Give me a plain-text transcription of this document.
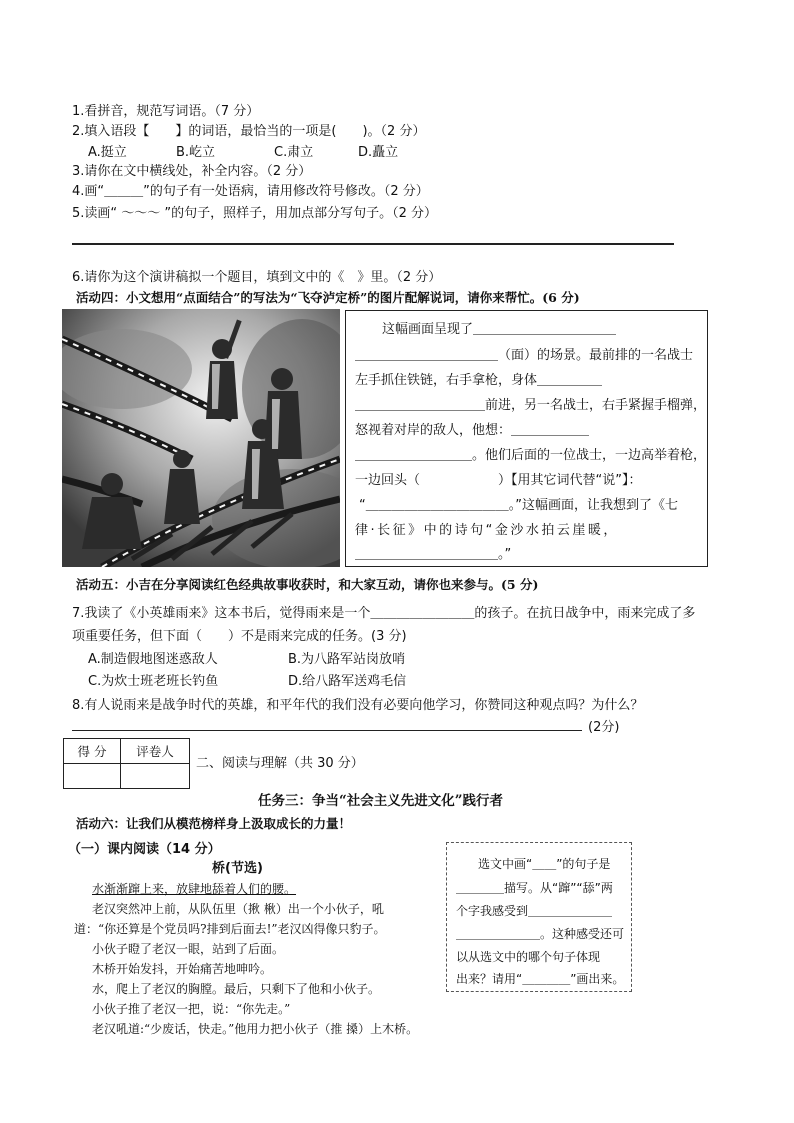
1.看拼音，规范写词语。（7 分）
2.填入语段【　　】的词语，最恰当的一项是(　　)。（2 分）
A.挺立	B.屹立	C.肃立	D.矗立
3.请你在文中横线处，补全内容。（2 分）
4.画“＿＿＿”的句子有一处语病，请用修改符号修改。（2 分）
5.读画“ ～～～ ”的句子，照样子，用加点部分写句子。（2 分）
6.请你为这个演讲稿拟一个题目，填到文中的《　》里。（2 分）
活动四：小文想用“点面结合”的写法为“飞夺泸定桥”的图片配解说词，请你来帮忙。(6 分)
这幅画面呈现了＿＿＿＿＿＿＿＿＿＿＿
＿＿＿＿＿＿＿＿＿＿＿（面）的场景。最前排的一名战士
左手抓住铁链，右手拿枪，身体＿＿＿＿＿
＿＿＿＿＿＿＿＿＿＿前进，另一名战士，右手紧握手榴弹，
怒视着对岸的敌人，他想：＿＿＿＿＿＿
＿＿＿＿＿＿＿＿＿。他们后面的一位战士，一边高举着枪，
一边回头（　　　　　　）【用其它词代替“说”】：
“＿＿＿＿＿＿＿＿＿＿＿。”这幅画面，让我想到了《七
律·长征》中的诗句“金沙水拍云崖暖，
＿＿＿＿＿＿＿＿＿＿＿。”
活动五：小吉在分享阅读红色经典故事收获时，和大家互动，请你也来参与。(5 分)
7.我读了《小英雄雨来》这本书后，觉得雨来是一个＿＿＿＿＿＿＿＿的孩子。在抗日战争中，雨来完成了多
项重要任务，但下面（　　）不是雨来完成的任务。(3 分)
A.制造假地图迷惑敌人	B.为八路军站岗放哨
C.为炊士班老班长钓鱼	D.给八路军送鸡毛信
8.有人说雨来是战争时代的英雄，和平年代的我们没有必要向他学习，你赞同这种观点吗？为什么？
(2分)
得 分	评卷人

二、阅读与理解（共 30 分）
任务三：争当“社会主义先进文化”践行者
活动六：让我们从模范榜样身上汲取成长的力量！
（一）课内阅读（14 分）
桥(节选)
水渐渐蹿上来，放肆地舔着人们的腰。
老汉突然冲上前，从队伍里（揪 楸）出一个小伙子，吼
道：“你还算是个党员吗?排到后面去!”老汉凶得像只豹子。
小伙子瞪了老汉一眼，站到了后面。
木桥开始发抖，开始痛苦地呻吟。
水，爬上了老汉的胸膛。最后，只剩下了他和小伙子。
小伙子推了老汉一把，说：“你先走。”
老汉吼道:“少废话，快走。”他用力把小伙子（推 搡）上木桥。
选文中画“＿＿”的句子是
＿＿＿＿描写。从“蹿”“舔”两
个字我感受到＿＿＿＿＿＿＿
＿＿＿＿＿＿＿。这种感受还可
以从选文中的哪个句子体现
出来？请用“＿＿＿＿”画出来。
